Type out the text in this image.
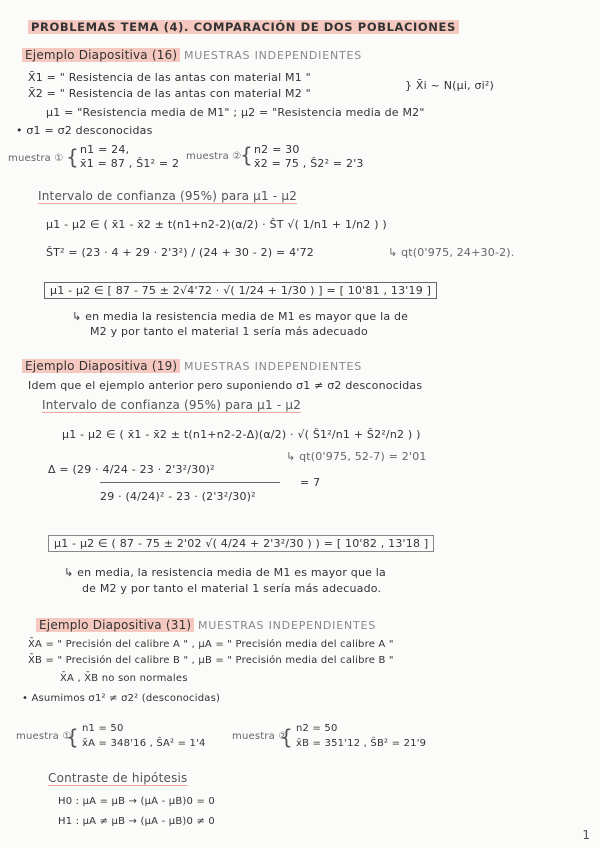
PROBLEMAS TEMA (4). COMPARACIÓN DE DOS POBLACIONES
Ejemplo Diapositiva (16) MUESTRAS INDEPENDIENTES
X̄1 = " Resistencia de las antas con material M1 "
X̄2 = " Resistencia de las antas con material M2 "
} X̄i ~ N(μi, σi²)
μ1 = "Resistencia media de M1" ; μ2 = "Resistencia media de M2"
• σ1 = σ2 desconocidas
muestra ① { n1 = 24,
x̄1 = 87 , Ŝ1² = 2
muestra ②
{ n2 = 30
x̄2 = 75 , Ŝ2² = 2'3
Intervalo de confianza (95%) para μ1 - μ2
μ1 - μ2 ∈ ( x̄1 - x̄2 ± t(n1+n2-2)(α/2) · ŜT √( 1/n1 + 1/n2 ) )
ŜT² = (23 · 4 + 29 · 2'3²) / (24 + 30 - 2) = 4'72	↳ qt(0'975, 24+30-2).
μ1 - μ2 ∈ [ 87 - 75 ± 2√4'72 · √( 1/24 + 1/30 ) ] = [ 10'81 , 13'19 ]
↳ en media la resistencia media de M1 es mayor que la de
M2 y por tanto el material 1 sería más adecuado
Ejemplo Diapositiva (19) MUESTRAS INDEPENDIENTES
Idem que el ejemplo anterior pero suponiendo σ1 ≠ σ2 desconocidas
Intervalo de confianza (95%) para μ1 - μ2
μ1 - μ2 ∈ ( x̄1 - x̄2 ± t(n1+n2-2-Δ)(α/2) · √( Ŝ1²/n1 + Ŝ2²/n2 ) )
↳ qt(0'975, 52-7) = 2'01
Δ = (29 · 4/24 - 23 · 2'3²/30)²
= 7
29 · (4/24)² - 23 · (2'3²/30)²
μ1 - μ2 ∈ ( 87 - 75 ± 2'02 √( 4/24 + 2'3²/30 ) ) = [ 10'82 , 13'18 ]
↳ en media, la resistencia media de M1 es mayor que la
de M2 y por tanto el material 1 sería más adecuado.
Ejemplo Diapositiva (31) MUESTRAS INDEPENDIENTES
X̄A = " Precisión del calibre A " , μA = " Precisión media del calibre A "
X̄B = " Precisión del calibre B " , μB = " Precisión media del calibre B "
X̄A , X̄B no son normales
• Asumimos σ1² ≠ σ2² (desconocidas)
muestra ①
{ n1 = 50
x̄A = 348'16 , ŜA² = 1'4
muestra ②
{ n2 = 50
x̄B = 351'12 , ŜB² = 21'9
Contraste de hipótesis
H0 : μA = μB → (μA - μB)0 = 0
H1 : μA ≠ μB → (μA - μB)0 ≠ 0
1
